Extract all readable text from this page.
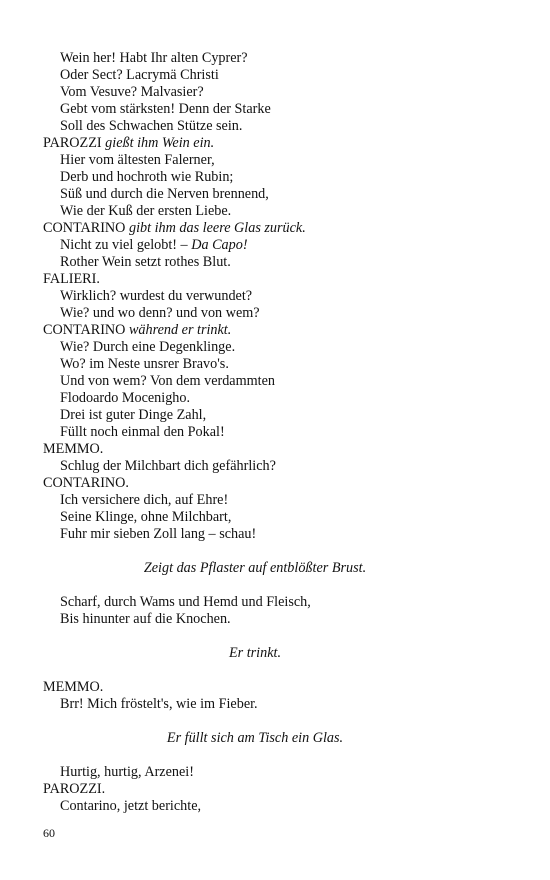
Wein her! Habt Ihr alten Cyprer?
Oder Sect? Lacrymä Christi
Vom Vesuve? Malvasier?
Gebt vom stärksten! Denn der Starke
Soll des Schwachen Stütze sein.
PAROZZI gießt ihm Wein ein.
Hier vom ältesten Falerner,
Derb und hochroth wie Rubin;
Süß und durch die Nerven brennend,
Wie der Kuß der ersten Liebe.
CONTARINO gibt ihm das leere Glas zurück.
Nicht zu viel gelobt! – Da Capo!
Rother Wein setzt rothes Blut.
FALIERI.
Wirklich? wurdest du verwundet?
Wie? und wo denn? und von wem?
CONTARINO während er trinkt.
Wie? Durch eine Degenklinge.
Wo? im Neste unsrer Bravo's.
Und von wem? Von dem verdammten
Flodoardo Mocenigho.
Drei ist guter Dinge Zahl,
Füllt noch einmal den Pokal!
MEMMO.
Schlug der Milchbart dich gefährlich?
CONTARINO.
Ich versichere dich, auf Ehre!
Seine Klinge, ohne Milchbart,
Fuhr mir sieben Zoll lang – schau!
Zeigt das Pflaster auf entblößter Brust.
Scharf, durch Wams und Hemd und Fleisch,
Bis hinunter auf die Knochen.
Er trinkt.
MEMMO.
Brr! Mich fröstelt's, wie im Fieber.
Er füllt sich am Tisch ein Glas.
Hurtig, hurtig, Arzenei!
PAROZZI.
Contarino, jetzt berichte,
60
